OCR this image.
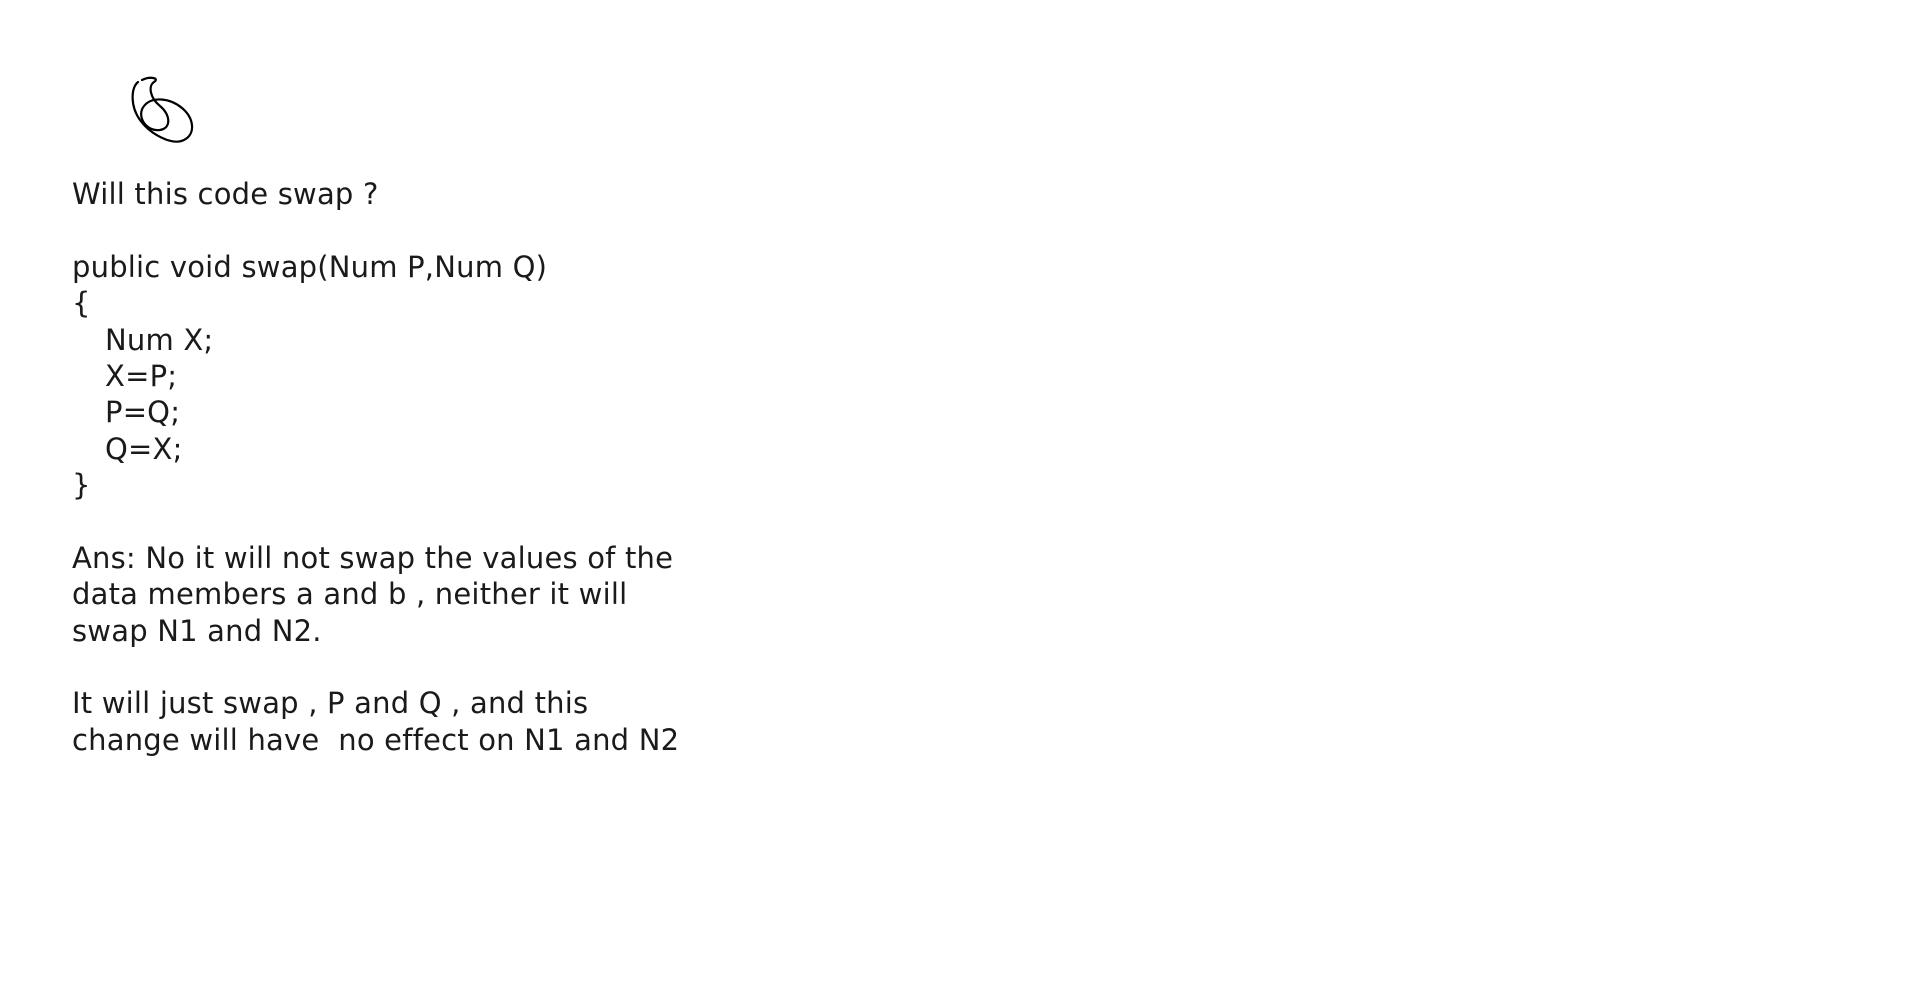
Will this code swap ?
public void swap(Num P,Num Q)
{
Num X;
X=P;
P=Q;
Q=X;
}
Ans: No it will not swap the values of the
data members a and b , neither it will
swap N1 and N2.
It will just swap , P and Q , and this
change will have  no effect on N1 and N2
